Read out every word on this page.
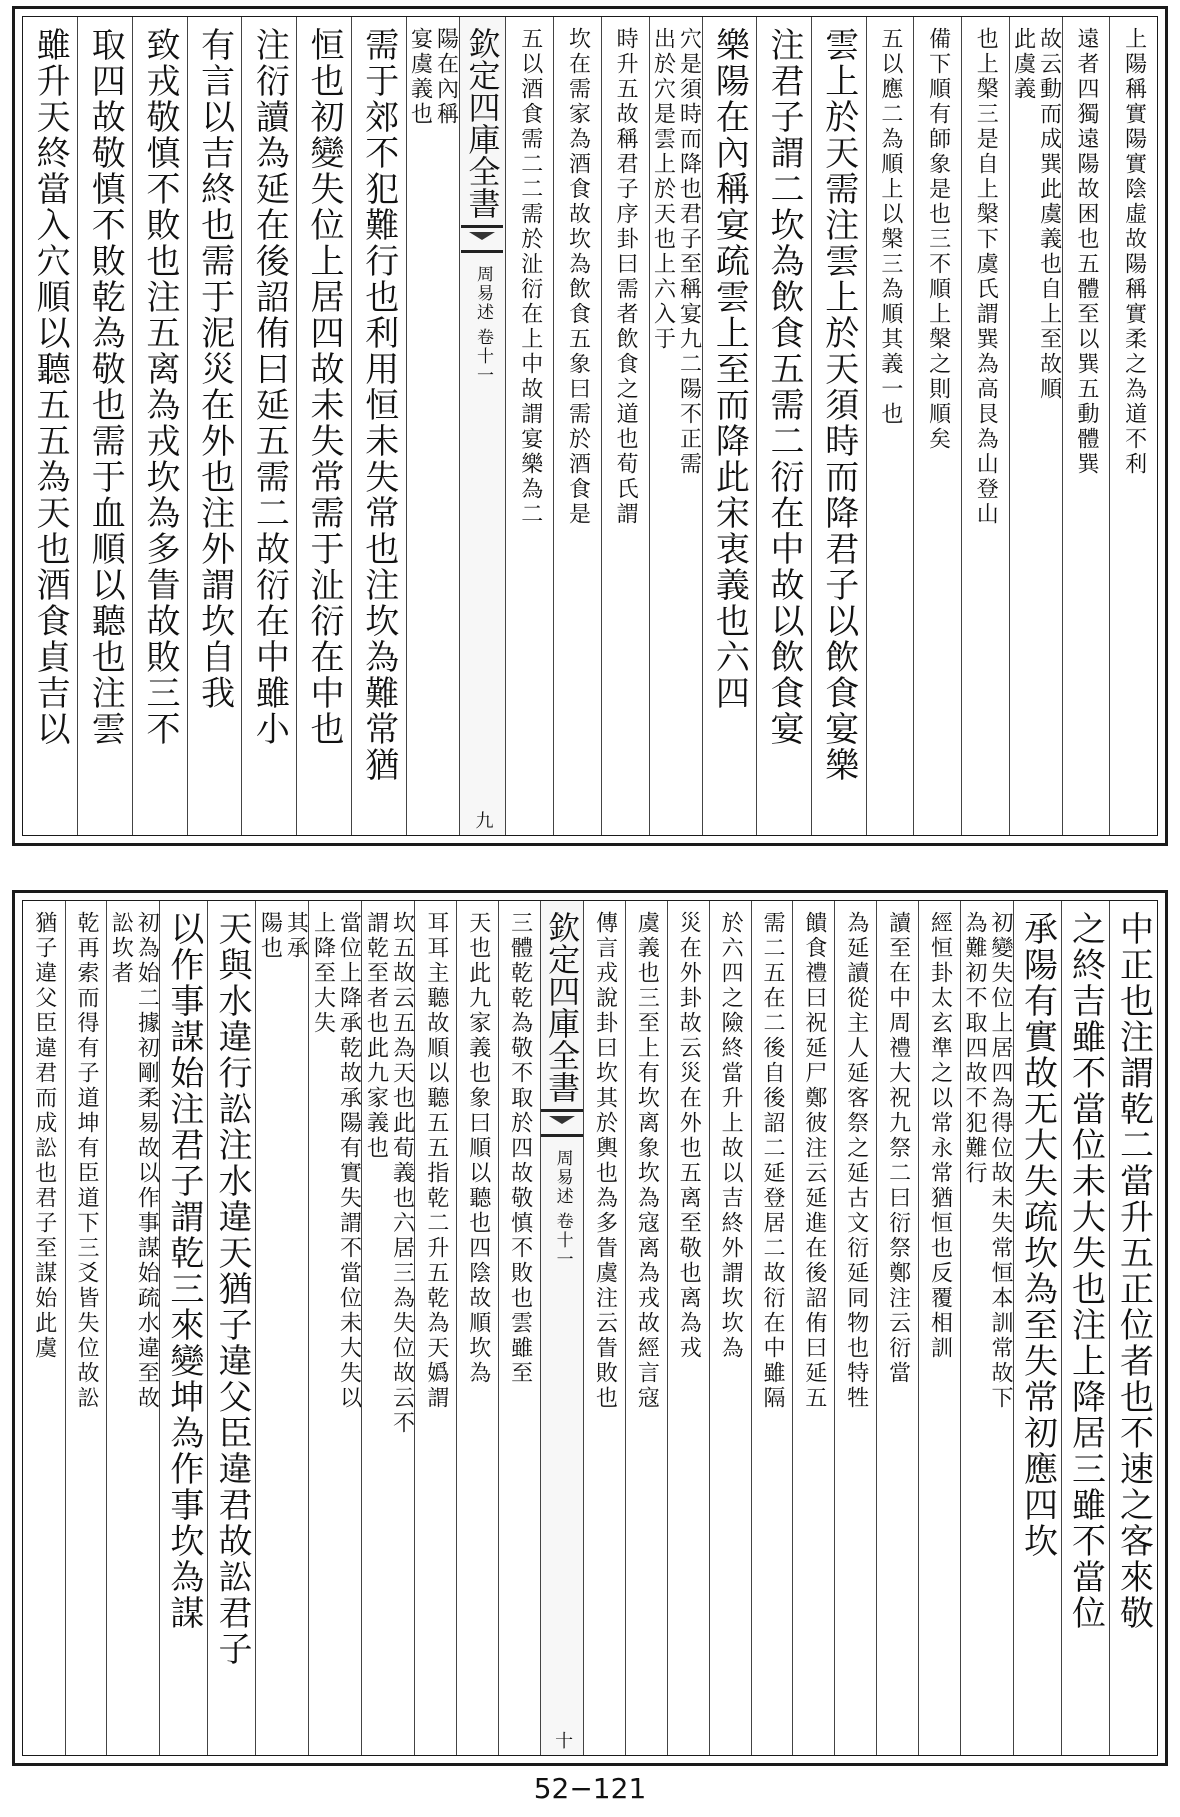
上陽稱實陽實陰虛故陽稱實柔之為道不利
遠者四獨遠陽故困也五體至以巽五動體巽
故云動而成巽此虞義也自上至故順
此虞義
也上槃三是自上槃下虞氏謂巽為高艮為山登山
備下順有師象是也三不順上槃之則順矣
五以應二為順上以槃三為順其義一也
雲上於天需注雲上於天須時而降君子以飲食宴樂
注君子謂二坎為飲食五需二衍在中故以飲食宴
樂陽在內稱宴疏雲上至而降此宋衷義也六四
穴是須時而降也君子至稱宴九二陽不正需
出於穴是雲上於天也上六入于
時升五故稱君子序卦曰需者飲食之道也荀氏謂
坎在需家為酒食故坎為飲食五象曰需於酒食是
五以酒食需二二需於沚衍在上中故謂宴樂為二
欽定四庫全書
周易述
卷十一
九
陽在內稱
宴虞義也
需于郊不犯難行也利用恒未失常也注坎為難常猶
恒也初變失位上居四故未失常需于沚衍在中也
注衍讀為延在後詔侑曰延五需二故衍在中雖小
有言以吉終也需于泥災在外也注外謂坎自我
致戎敬慎不敗也注五离為戎坎為多眚故敗三不
取四故敬慎不敗乾為敬也需于血順以聽也注雲
雖升天終當入穴順以聽五五為天也酒食貞吉以
中正也注謂乾二當升五正位者也不速之客來敬
之終吉雖不當位未大失也注上降居三雖不當位
承陽有實故无大失疏坎為至失常初應四坎
初變失位上居四為得位故未失常恒本訓常故下
為難初不取四故不犯難行
經恒卦太玄準之以常永常猶恒也反覆相訓
讀至在中周禮大祝九祭二曰衍祭鄭注云衍當
為延讀從主人延客祭之延古文衍延同物也特牲
饋食禮曰祝延尸鄭彼注云延進在後詔侑曰延五
需二五在二後自後詔二延登居二故衍在中雖隔
於六四之險終當升上故以吉終外謂坎坎為
災在外卦故云災在外也五离至敬也离為戎
虞義也三至上有坎离象坎為寇离為戎故經言寇
傳言戎說卦曰坎其於輿也為多眚虞注云眚敗也
欽定四庫全書
周易述
卷十一
十
三體乾乾為敬不取於四故敬慎不敗也雲雖至
天也此九家義也象曰順以聽也四陰故順坎為
耳耳主聽故順以聽五五指乾二升五乾為天嬀謂
坎五故云五為天也此荀義也六居三為失位故云不
謂乾至者也此九家義也
當位上降承乾故承陽有實失謂不當位未大失以
上降至大失
其承
陽也
天與水違行訟注水違天猶子違父臣違君故訟君子
以作事謀始注君子謂乾三來變坤為作事坎為謀
初為始二據初剛柔易故以作事謀始疏水違至故
訟坎者
乾再索而得有子道坤有臣道下三爻皆失位故訟
猶子違父臣違君而成訟也君子至謀始此虞
52−121
